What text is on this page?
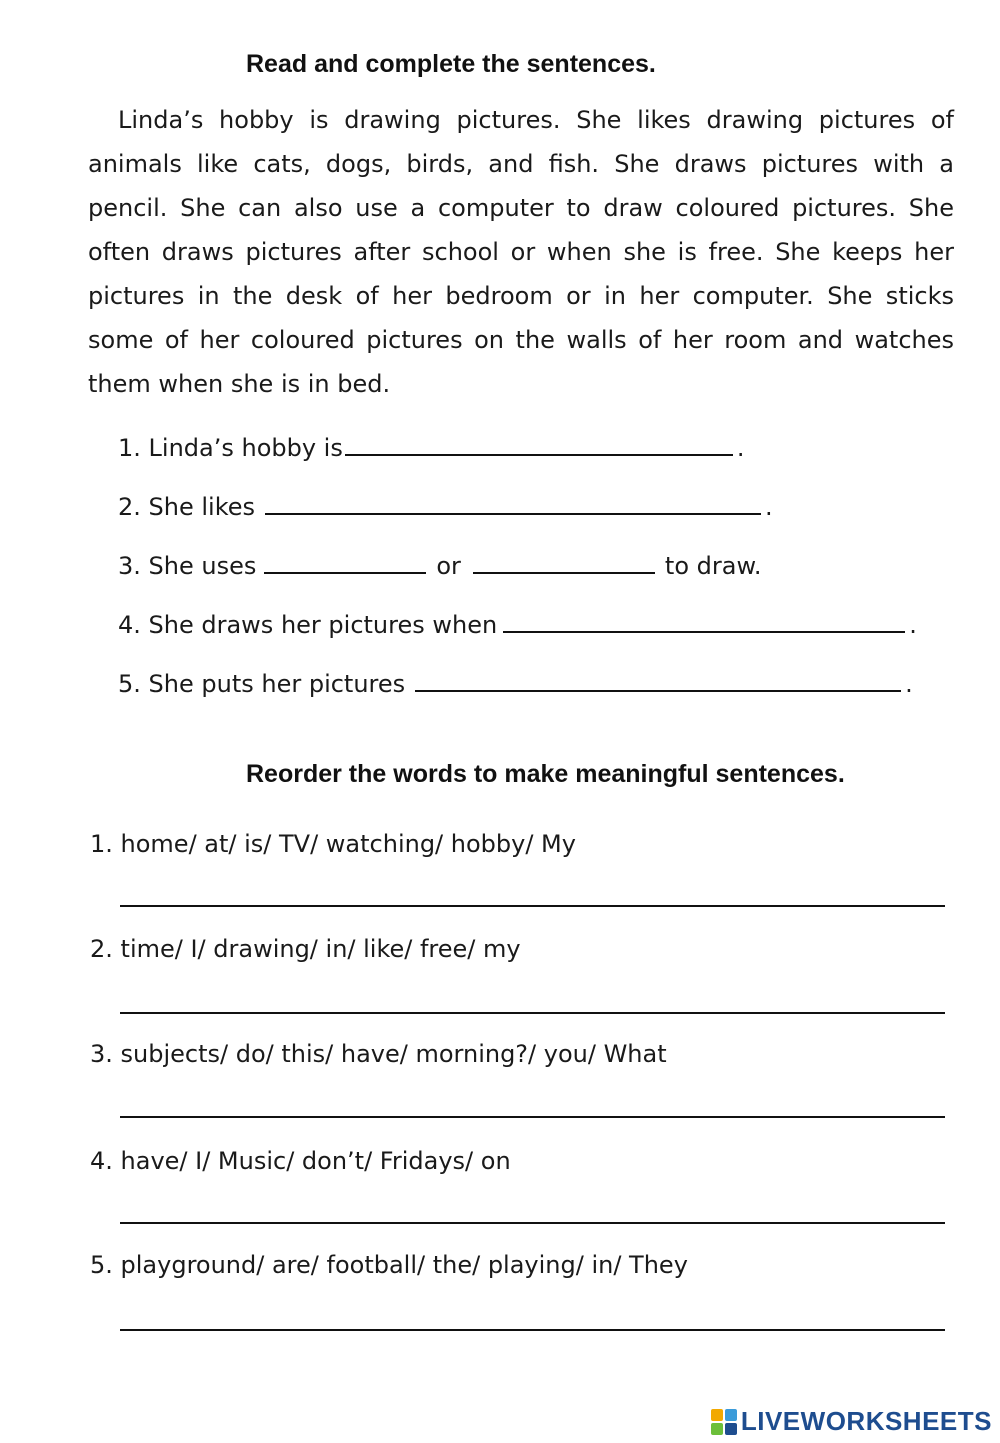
Read and complete the sentences.

Linda’s hobby is drawing pictures. She likes drawing pictures of animals like cats, dogs, birds, and fish. She draws pictures with a pencil. She can also use a computer to draw coloured pictures. She often draws pictures after school or when she is free. She keeps her pictures in the desk of her bedroom or in her computer. She sticks some of her coloured pictures on the walls of her room and watches them when she is in bed.

1. Linda’s hobby is	.
2. She likes	.
3. She uses	or	to draw.
4. She draws her pictures when	.
5. She puts her pictures	.
Reorder the words to make meaningful sentences.
1. home/ at/ is/ TV/ watching/ hobby/ My
2. time/ I/ drawing/ in/ like/ free/ my
3. subjects/ do/ this/ have/ morning?/ you/ What
4. have/ I/ Music/ don’t/ Fridays/ on
5. playground/ are/ football/ the/ playing/ in/ They
LIVEWORKSHEETS
